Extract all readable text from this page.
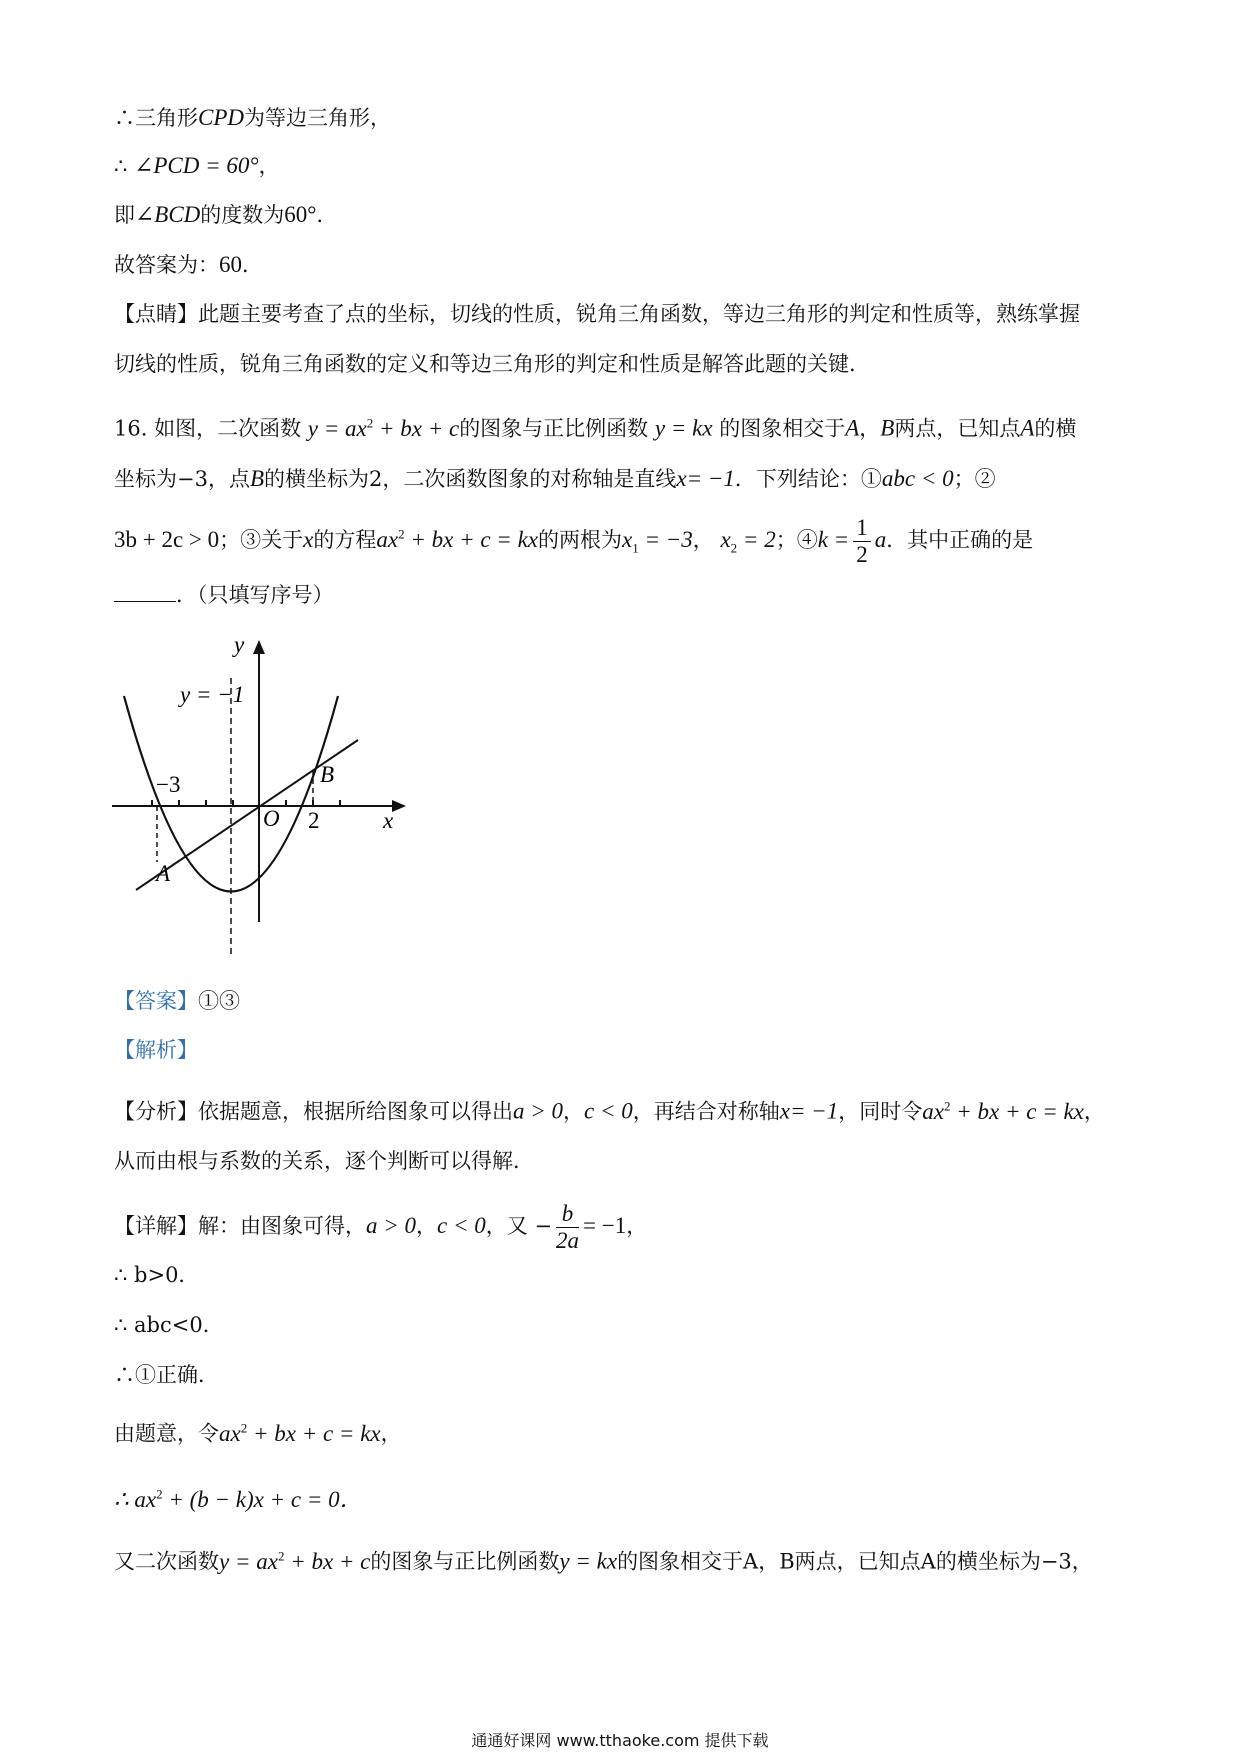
∴三角形CPD为等边三角形，
∴ ∠PCD = 60°，
即∠BCD的度数为60°．
故答案为：60．
【点睛】此题主要考查了点的坐标，切线的性质，锐角三角函数，等边三角形的判定和性质等，熟练掌握
切线的性质，锐角三角函数的定义和等边三角形的判定和性质是解答此题的关键．
16. 如图，二次函数 $y = ax^2$ + bx + c的图象与正比例函数 y = kx 的图象相交于A，B两点，已知点A的横
坐标为−3，点B的横坐标为2，二次函数图象的对称轴是直线x= −1．下列结论：①abc < 0；②
3b + 2c > 0；③关于x的方程$ax^2$ + bx + c = kx的两根为$x_1 = -3$， $x_2 = 2$；④k = $\frac{1}{2}$ a．其中正确的是
．（只填写序号）
y
x
y = −1
−3
2
O
A
B
【答案】①③
【解析】
【分析】依据题意，根据所给图象可以得出a > 0，c < 0，再结合对称轴x= −1，同时令$ax^2$ + bx + c = kx，
从而由根与系数的关系，逐个判断可以得解．
【详解】解：由图象可得，a > 0，c < 0，又 − $\frac{b}{2a} = -1$，
∴ b>0．
∴ abc<0．
∴①正确．
由题意，令$ax^2$ + bx + c = kx，
∴ $ax^2 + (b - k)x + c = 0$．
又二次函数$y = ax^2$ + bx + c的图象与正比例函数y = kx的图象相交于A，B两点，已知点A的横坐标为−3，
通通好课网 www.tthaoke.com 提供下载
